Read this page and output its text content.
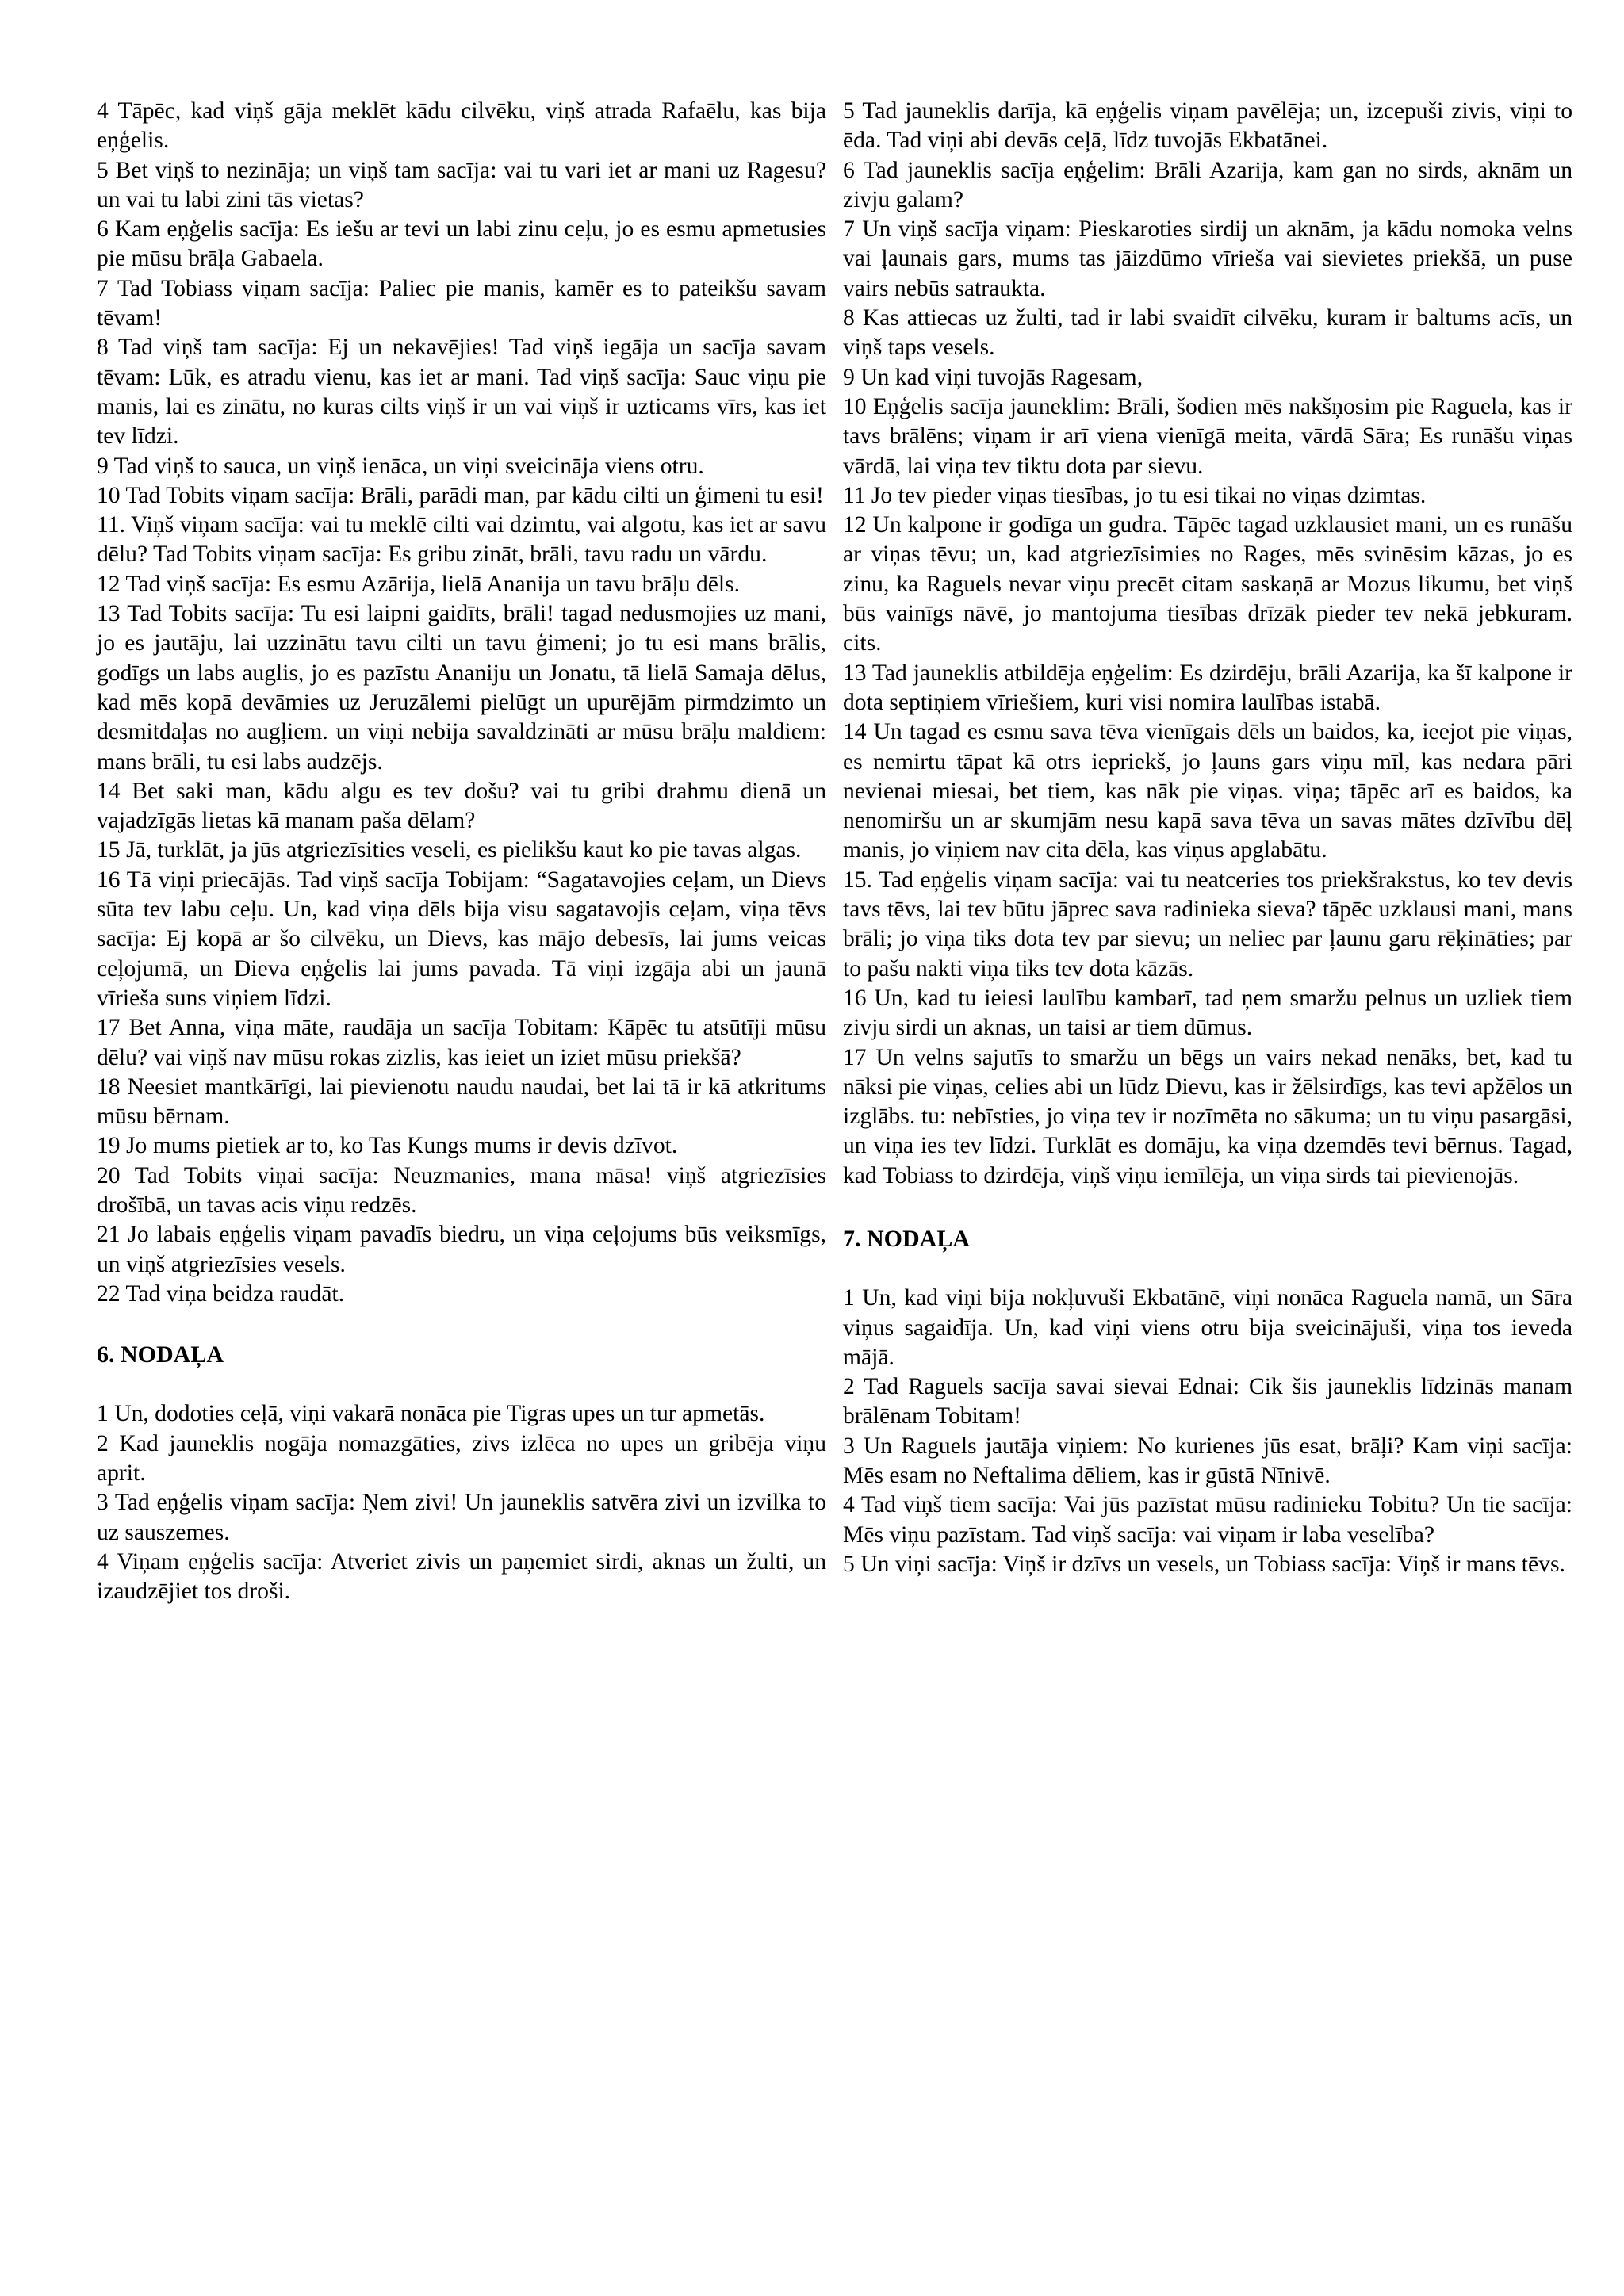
4 Tāpēc, kad viņš gāja meklēt kādu cilvēku, viņš atrada Rafaēlu, kas bija eņģelis.

5 Bet viņš to nezināja; un viņš tam sacīja: vai tu vari iet ar mani uz Ragesu? un vai tu labi zini tās vietas?

6 Kam eņģelis sacīja: Es iešu ar tevi un labi zinu ceļu, jo es esmu apmetusies pie mūsu brāļa Gabaela.

7 Tad Tobiass viņam sacīja: Paliec pie manis, kamēr es to pateikšu savam tēvam!

8 Tad viņš tam sacīja: Ej un nekavējies! Tad viņš iegāja un sacīja savam tēvam: Lūk, es atradu vienu, kas iet ar mani. Tad viņš sacīja: Sauc viņu pie manis, lai es zinātu, no kuras cilts viņš ir un vai viņš ir uzticams vīrs, kas iet tev līdzi.

9 Tad viņš to sauca, un viņš ienāca, un viņi sveicināja viens otru.

10 Tad Tobits viņam sacīja: Brāli, parādi man, par kādu cilti un ģimeni tu esi!

11. Viņš viņam sacīja: vai tu meklē cilti vai dzimtu, vai algotu, kas iet ar savu dēlu? Tad Tobits viņam sacīja: Es gribu zināt, brāli, tavu radu un vārdu.

12 Tad viņš sacīja: Es esmu Azārija, lielā Ananija un tavu brāļu dēls.

13 Tad Tobits sacīja: Tu esi laipni gaidīts, brāli! tagad nedusmojies uz mani, jo es jautāju, lai uzzinātu tavu cilti un tavu ģimeni; jo tu esi mans brālis, godīgs un labs auglis, jo es pazīstu Ananiju un Jonatu, tā lielā Samaja dēlus, kad mēs kopā devāmies uz Jeruzālemi pielūgt un upurējām pirmdzimto un desmitdaļas no augļiem. un viņi nebija savaldzināti ar mūsu brāļu maldiem: mans brāli, tu esi labs audzējs.

14 Bet saki man, kādu algu es tev došu? vai tu gribi drahmu dienā un vajadzīgās lietas kā manam paša dēlam?

15 Jā, turklāt, ja jūs atgriezīsities veseli, es pielikšu kaut ko pie tavas algas.

16 Tā viņi priecājās. Tad viņš sacīja Tobijam: “Sagatavojies ceļam, un Dievs sūta tev labu ceļu. Un, kad viņa dēls bija visu sagatavojis ceļam, viņa tēvs sacīja: Ej kopā ar šo cilvēku, un Dievs, kas mājo debesīs, lai jums veicas ceļojumā, un Dieva eņģelis lai jums pavada. Tā viņi izgāja abi un jaunā vīrieša suns viņiem līdzi.

17 Bet Anna, viņa māte, raudāja un sacīja Tobitam: Kāpēc tu atsūtīji mūsu dēlu? vai viņš nav mūsu rokas zizlis, kas ieiet un iziet mūsu priekšā?

18 Neesiet mantkārīgi, lai pievienotu naudu naudai, bet lai tā ir kā atkritums mūsu bērnam.

19 Jo mums pietiek ar to, ko Tas Kungs mums ir devis dzīvot.

20 Tad Tobits viņai sacīja: Neuzmanies, mana māsa! viņš atgriezīsies drošībā, un tavas acis viņu redzēs.

21 Jo labais eņģelis viņam pavadīs biedru, un viņa ceļojums būs veiksmīgs, un viņš atgriezīsies vesels.

22 Tad viņa beidza raudāt.

6. NODAĻA

1 Un, dodoties ceļā, viņi vakarā nonāca pie Tigras upes un tur apmetās.

2 Kad jauneklis nogāja nomazgāties, zivs izlēca no upes un gribēja viņu aprit.

3 Tad eņģelis viņam sacīja: Ņem zivi! Un jauneklis satvēra zivi un izvilka to uz sauszemes.

4 Viņam eņģelis sacīja: Atveriet zivis un paņemiet sirdi, aknas un žulti, un izaudzējiet tos droši.

5 Tad jauneklis darīja, kā eņģelis viņam pavēlēja; un, izcepuši zivis, viņi to ēda. Tad viņi abi devās ceļā, līdz tuvojās Ekbatānei.

6 Tad jauneklis sacīja eņģelim: Brāli Azarija, kam gan no sirds, aknām un zivju galam?

7 Un viņš sacīja viņam: Pieskaroties sirdij un aknām, ja kādu nomoka velns vai ļaunais gars, mums tas jāizdūmo vīrieša vai sievietes priekšā, un puse vairs nebūs satraukta.

8 Kas attiecas uz žulti, tad ir labi svaidīt cilvēku, kuram ir baltums acīs, un viņš taps vesels.

9 Un kad viņi tuvojās Ragesam,

10 Eņģelis sacīja jauneklim: Brāli, šodien mēs nakšņosim pie Raguela, kas ir tavs brālēns; viņam ir arī viena vienīgā meita, vārdā Sāra; Es runāšu viņas vārdā, lai viņa tev tiktu dota par sievu.

11 Jo tev pieder viņas tiesības, jo tu esi tikai no viņas dzimtas.

12 Un kalpone ir godīga un gudra. Tāpēc tagad uzklausiet mani, un es runāšu ar viņas tēvu; un, kad atgriezīsimies no Rages, mēs svinēsim kāzas, jo es zinu, ka Raguels nevar viņu precēt citam saskaņā ar Mozus likumu, bet viņš būs vainīgs nāvē, jo mantojuma tiesības drīzāk pieder tev nekā jebkuram. cits.

13 Tad jauneklis atbildēja eņģelim: Es dzirdēju, brāli Azarija, ka šī kalpone ir dota septiņiem vīriešiem, kuri visi nomira laulības istabā.

14 Un tagad es esmu sava tēva vienīgais dēls un baidos, ka, ieejot pie viņas, es nemirtu tāpat kā otrs iepriekš, jo ļauns gars viņu mīl, kas nedara pāri nevienai miesai, bet tiem, kas nāk pie viņas. viņa; tāpēc arī es baidos, ka nenomiršu un ar skumjām nesu kapā sava tēva un savas mātes dzīvību dēļ manis, jo viņiem nav cita dēla, kas viņus apglabātu.

15. Tad eņģelis viņam sacīja: vai tu neatceries tos priekšrakstus, ko tev devis tavs tēvs, lai tev būtu jāprec sava radinieka sieva? tāpēc uzklausi mani, mans brāli; jo viņa tiks dota tev par sievu; un neliec par ļaunu garu rēķināties; par to pašu nakti viņa tiks tev dota kāzās.

16 Un, kad tu ieiesi laulību kambarī, tad ņem smaržu pelnus un uzliek tiem zivju sirdi un aknas, un taisi ar tiem dūmus.

17 Un velns sajutīs to smaržu un bēgs un vairs nekad nenāks, bet, kad tu nāksi pie viņas, celies abi un lūdz Dievu, kas ir žēlsirdīgs, kas tevi apžēlos un izglābs. tu: nebīsties, jo viņa tev ir nozīmēta no sākuma; un tu viņu pasargāsi, un viņa ies tev līdzi. Turklāt es domāju, ka viņa dzemdēs tevi bērnus. Tagad, kad Tobiass to dzirdēja, viņš viņu iemīlēja, un viņa sirds tai pievienojās.

7. NODAĻA

1 Un, kad viņi bija nokļuvuši Ekbatānē, viņi nonāca Raguela namā, un Sāra viņus sagaidīja. Un, kad viņi viens otru bija sveicinājuši, viņa tos ieveda mājā.

2 Tad Raguels sacīja savai sievai Ednai: Cik šis jauneklis līdzinās manam brālēnam Tobitam!

3 Un Raguels jautāja viņiem: No kurienes jūs esat, brāļi? Kam viņi sacīja: Mēs esam no Neftalima dēliem, kas ir gūstā Nīnivē.

4 Tad viņš tiem sacīja: Vai jūs pazīstat mūsu radinieku Tobitu? Un tie sacīja: Mēs viņu pazīstam. Tad viņš sacīja: vai viņam ir laba veselība?

5 Un viņi sacīja: Viņš ir dzīvs un vesels, un Tobiass sacīja: Viņš ir mans tēvs.
